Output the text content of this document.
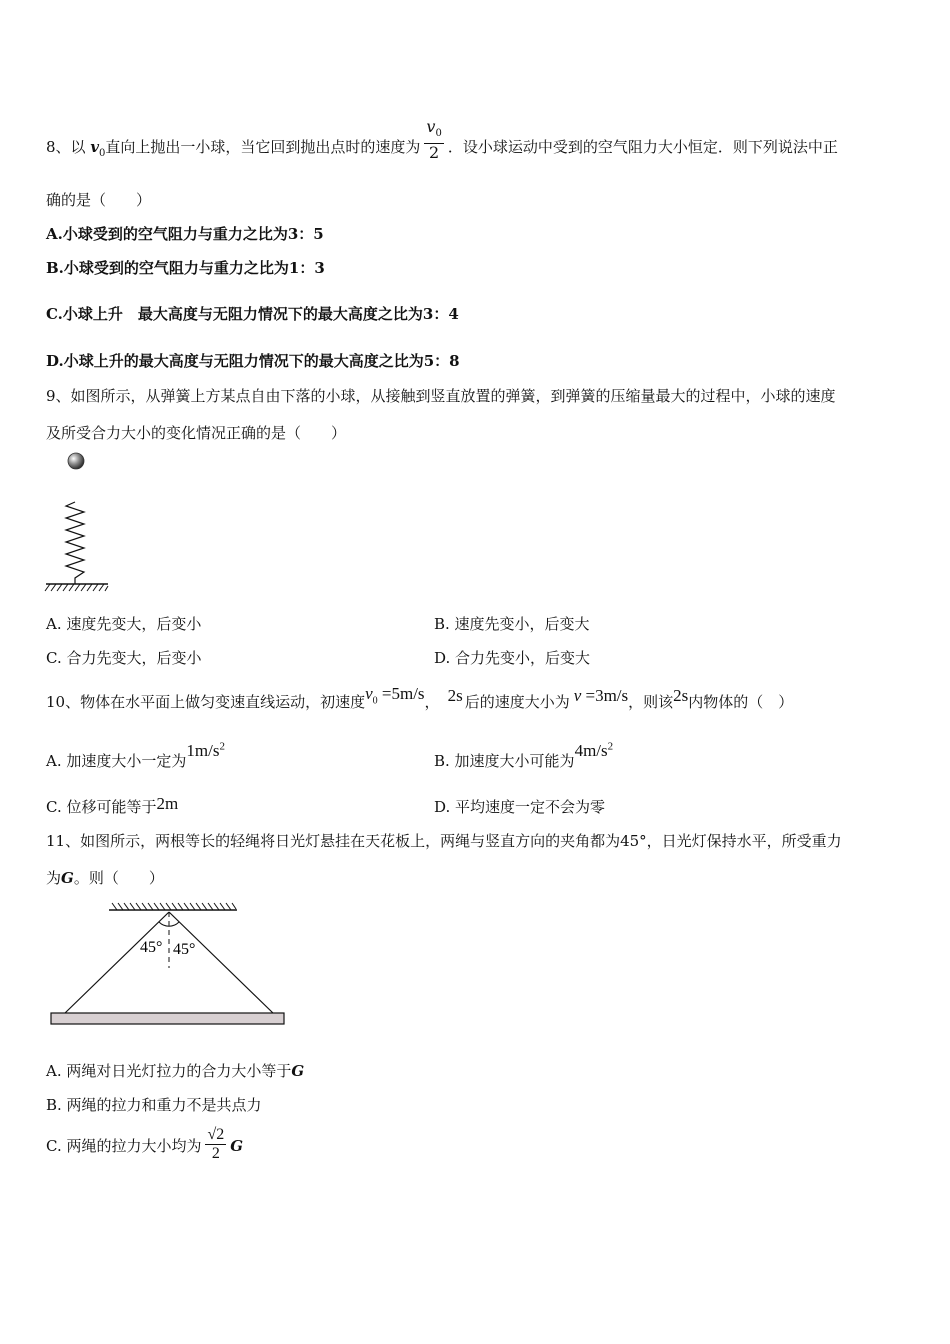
8、以 $v_0$直向上抛出一小球，当它回到抛出点时的速度为 $\frac{v_0}{2}$ ．设小球运动中受到的空气阻力大小恒定．则下列说法中正
确的是（　　）
A.小球受到的空气阻力与重力之比为3：5
B.小球受到的空气阻力与重力之比为1：3
C.小球上升　最大高度与无阻力情况下的最大高度之比为3：4
D.小球上升的最大高度与无阻力情况下的最大高度之比为5：8
9、如图所示，从弹簧上方某点自由下落的小球，从接触到竖直放置的弹簧，到弹簧的压缩量最大的过程中，小球的速度
及所受合力大小的变化情况正确的是（　　）
A. 速度先变大，后变小	B. 速度先变小，后变大
C. 合力先变大，后变小	D. 合力先变小，后变大
10、物体在水平面上做匀变速直线运动，初速度$v_0 =5m/s$， 2s 后的速度大小为 v =3m/s，则该2s内物体的（　）
A. 加速度大小一定为$1m/s^2$
B. 加速度大小可能为$4m/s^2$
C. 位移可能等于2m	D. 平均速度一定不会为零
11、如图所示，两根等长的轻绳将日光灯悬挂在天花板上，两绳与竖直方向的夹角都为45°，日光灯保持水平，所受重力
为G。则（　　）
45° 45°
A. 两绳对日光灯拉力的合力大小等于G
B. 两绳的拉力和重力不是共点力
C. 两绳的拉力大小均为 $\frac{√2}{2}$ G
